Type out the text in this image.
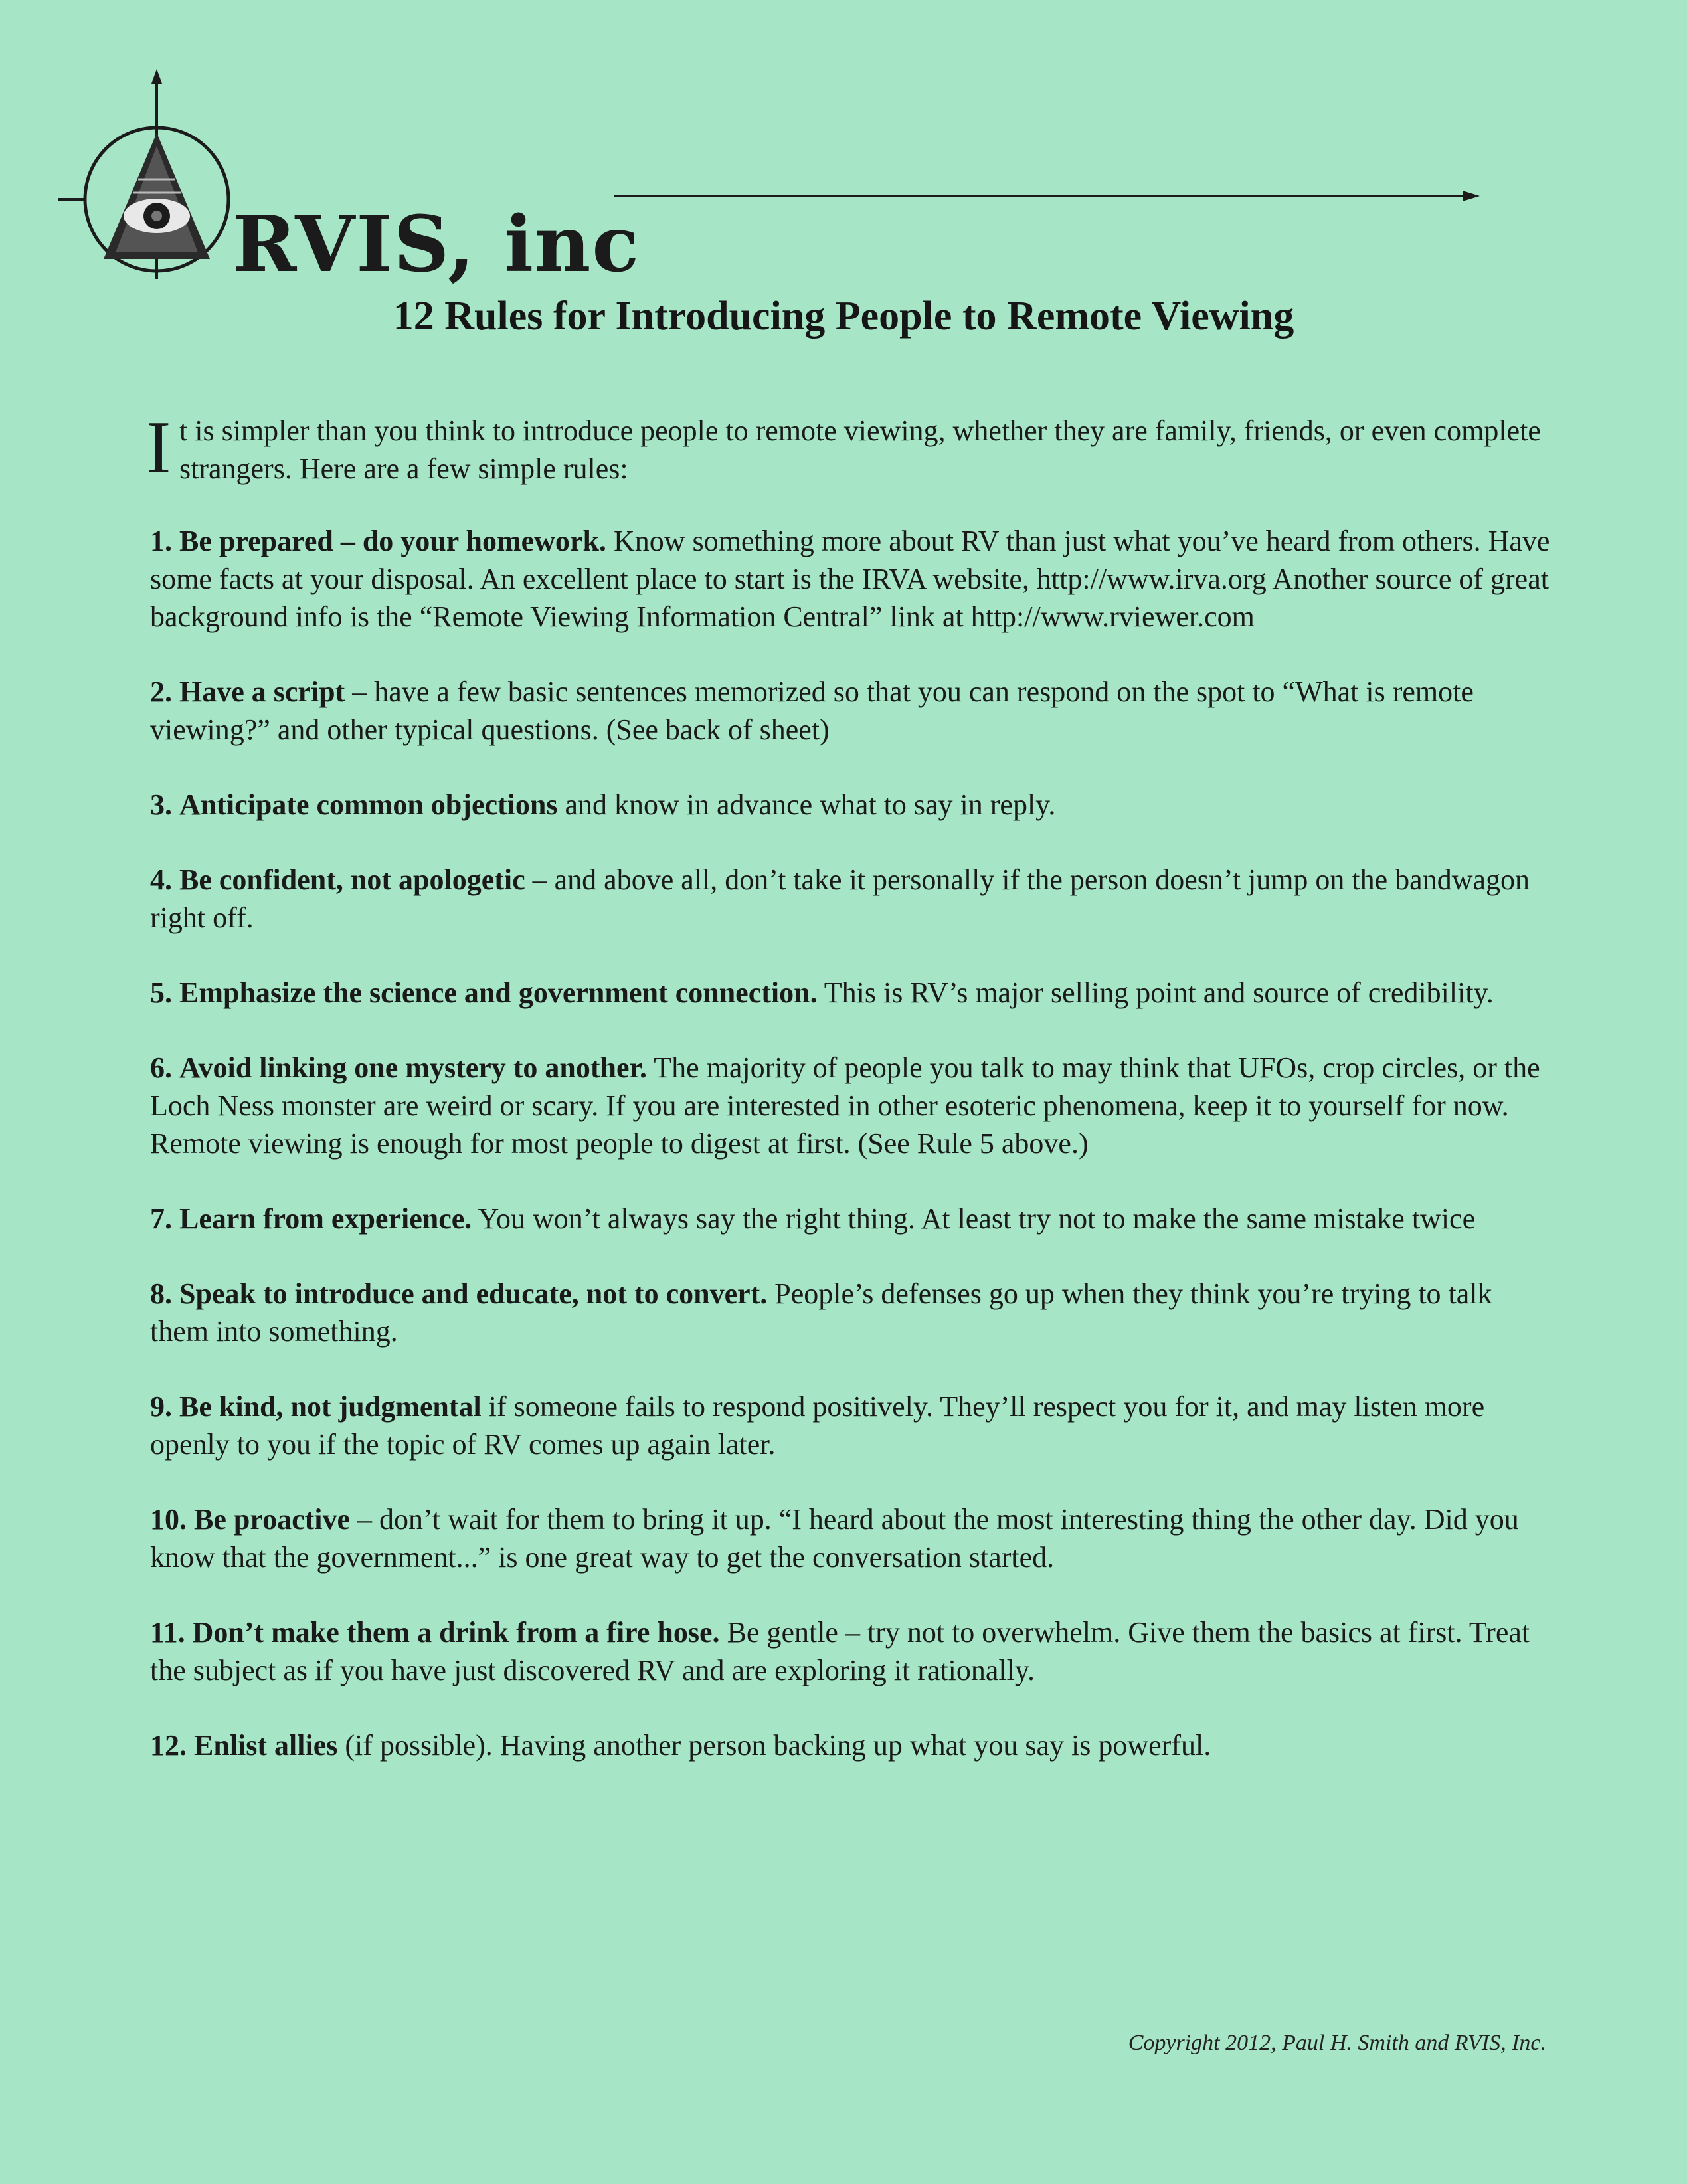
RVIS, inc
12 Rules for Introducing People to Remote Viewing

I t is simpler than you think to introduce people to remote viewing, whether they are family, friends, or even complete strangers. Here are a few simple rules:

1. Be prepared – do your homework. Know something more about RV than just what you’ve heard from others. Have some facts at your disposal. An excellent place to start is the IRVA website, http://www.irva.org Another source of great background info is the “Remote Viewing Information Central” link at http://www.rviewer.com

2. Have a script – have a few basic sentences memorized so that you can respond on the spot to “What is remote viewing?” and other typical questions. (See back of sheet)

3. Anticipate common objections and know in advance what to say in reply.

4. Be confident, not apologetic – and above all, don’t take it personally if the person doesn’t jump on the bandwagon right off.

5. Emphasize the science and government connection. This is RV’s major selling point and source of credibility.

6. Avoid linking one mystery to another. The majority of people you talk to may think that UFOs, crop circles, or the Loch Ness monster are weird or scary. If you are interested in other esoteric phenomena, keep it to yourself for now. Remote viewing is enough for most people to digest at first. (See Rule 5 above.)

7. Learn from experience. You won’t always say the right thing. At least try not to make the same mistake twice

8. Speak to introduce and educate, not to convert. People’s defenses go up when they think you’re trying to talk them into something.

9. Be kind, not judgmental if someone fails to respond positively. They’ll respect you for it, and may listen more openly to you if the topic of RV comes up again later.

10. Be proactive – don’t wait for them to bring it up. “I heard about the most interesting thing the other day. Did you know that the government...” is one great way to get the conversation started.

11. Don’t make them a drink from a fire hose. Be gentle – try not to overwhelm. Give them the basics at first. Treat the subject as if you have just discovered RV and are exploring it rationally.

12. Enlist allies (if possible). Having another person backing up what you say is powerful.

Copyright 2012, Paul H. Smith and RVIS, Inc.
